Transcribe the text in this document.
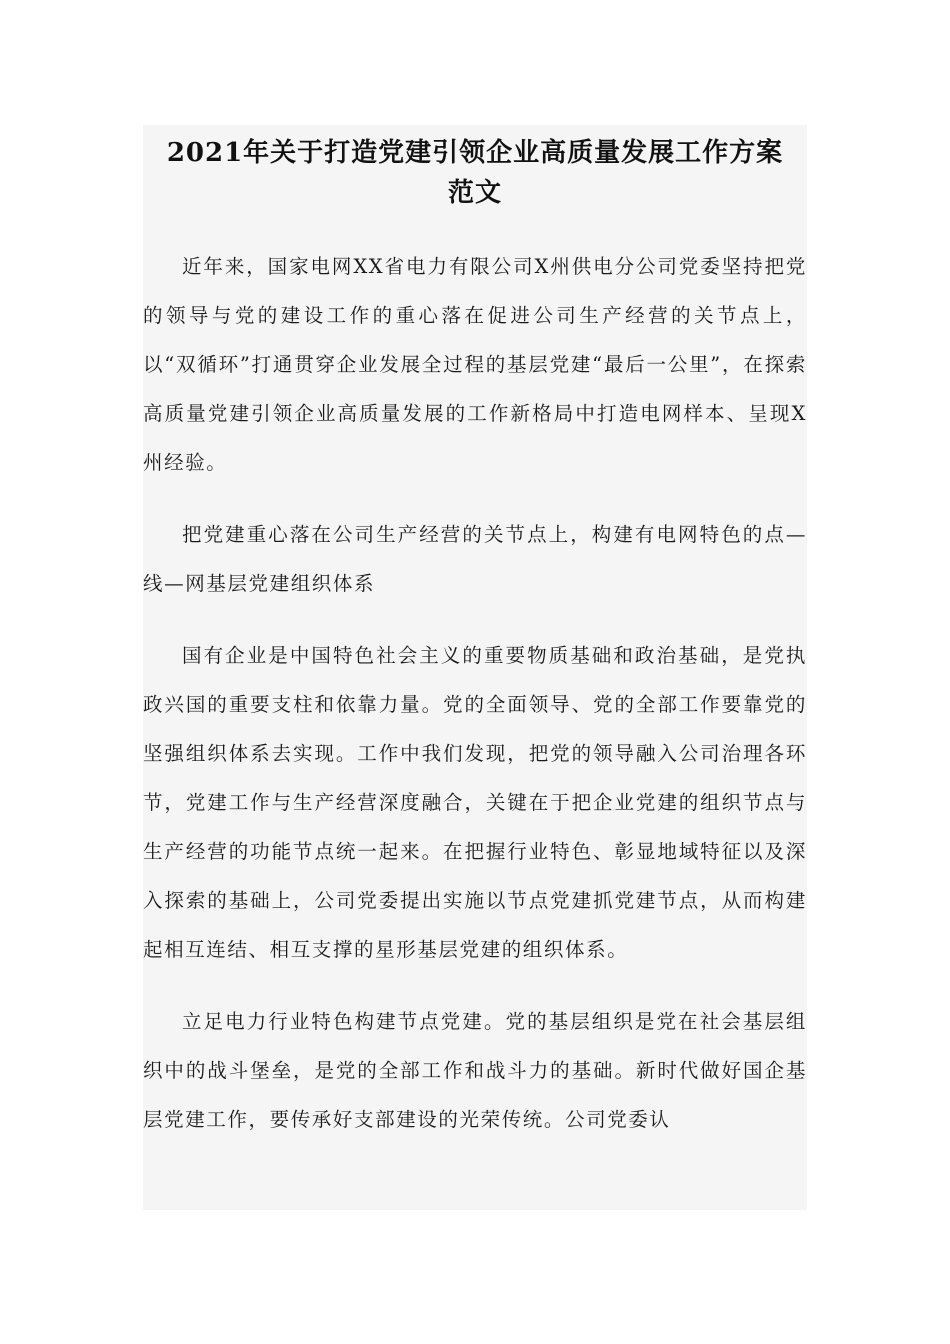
2021年关于打造党建引领企业高质量发展工作方案
范文

近年来，国家电网XX省电力有限公司X州供电分公司党委坚持把党的领导与党的建设工作的重心落在促进公司生产经营的关节点上，以“双循环”打通贯穿企业发展全过程的基层党建“最后一公里”，在探索高质量党建引领企业高质量发展的工作新格局中打造电网样本、呈现X州经验。

把党建重心落在公司生产经营的关节点上，构建有电网特色的点—线—网基层党建组织体系

国有企业是中国特色社会主义的重要物质基础和政治基础，是党执政兴国的重要支柱和依靠力量。党的全面领导、党的全部工作要靠党的坚强组织体系去实现。工作中我们发现，把党的领导融入公司治理各环节，党建工作与生产经营深度融合，关键在于把企业党建的组织节点与生产经营的功能节点统一起来。在把握行业特色、彰显地域特征以及深入探索的基础上，公司党委提出实施以节点党建抓党建节点，从而构建起相互连结、相互支撑的星形基层党建的组织体系。

立足电力行业特色构建节点党建。党的基层组织是党在社会基层组织中的战斗堡垒，是党的全部工作和战斗力的基础。新时代做好国企基层党建工作，要传承好支部建设的光荣传统。公司党委认
